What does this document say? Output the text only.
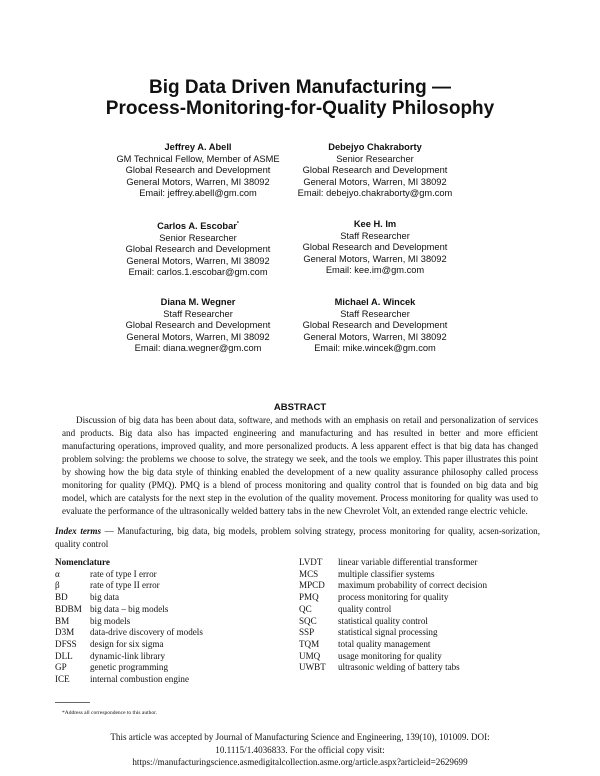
Big Data Driven Manufacturing —
Process-Monitoring-for-Quality Philosophy
Jeffrey A. Abell
GM Technical Fellow, Member of ASME
Global Research and Development
General Motors, Warren, MI 38092
Email: jeffrey.abell@gm.com
Debejyo Chakraborty
Senior Researcher
Global Research and Development
General Motors, Warren, MI 38092
Email: debejyo.chakraborty@gm.com
Carlos A. Escobar*
Senior Researcher
Global Research and Development
General Motors, Warren, MI 38092
Email: carlos.1.escobar@gm.com
Kee H. Im
Staff Researcher
Global Research and Development
General Motors, Warren, MI 38092
Email: kee.im@gm.com
Diana M. Wegner
Staff Researcher
Global Research and Development
General Motors, Warren, MI 38092
Email: diana.wegner@gm.com
Michael A. Wincek
Staff Researcher
Global Research and Development
General Motors, Warren, MI 38092
Email: mike.wincek@gm.com
ABSTRACT
Discussion of big data has been about data, software, and methods with an emphasis on retail and personalization of services and products. Big data also has impacted engineering and manufacturing and has resulted in better and more efficient manufacturing operations, improved quality, and more personalized products. A less apparent effect is that big data has changed problem solving: the problems we choose to solve, the strategy we seek, and the tools we employ. This paper illustrates this point by showing how the big data style of thinking enabled the development of a new quality assurance philosophy called process monitoring for quality (PMQ). PMQ is a blend of process monitoring and quality control that is founded on big data and big model, which are catalysts for the next step in the evolution of the quality movement. Process monitoring for quality was used to evaluate the performance of the ultrasonically welded battery tabs in the new Chevrolet Volt, an extended range electric vehicle.
Index terms — Manufacturing, big data, big models, problem solving strategy, process monitoring for quality, acsen-sorization, quality control
Nomenclature
α	rate of type I error
β	rate of type II error
BD	big data
BDBM	big data – big models
BM	big models
D3M	data-drive discovery of models
DFSS	design for six sigma
DLL	dynamic-link library
GP	genetic programming
ICE	internal combustion engine
LVDT	linear variable differential transformer
MCS	multiple classifier systems
MPCD	maximum probability of correct decision
PMQ	process monitoring for quality
QC	quality control
SQC	statistical quality control
SSP	statistical signal processing
TQM	total quality management
UMQ	usage monitoring for quality
UWBT	ultrasonic welding of battery tabs
*Address all correspondence to this author.
This article was accepted by Journal of Manufacturing Science and Engineering, 139(10), 101009. DOI:
10.1115/1.4036833. For the official copy visit:
https://manufacturingscience.asmedigitalcollection.asme.org/article.aspx?articleid=2629699
